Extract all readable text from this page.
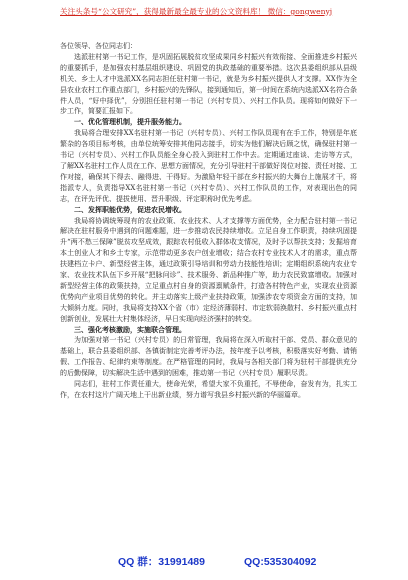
关注头条号“公文研究”，获得最新最全最专业的公文资料库！ 微信：gongwenyj

各位领导、各位同志们：

选派驻村第一书记工作，是巩固拓展脱贫攻坚成果同乡村振兴有效衔接、全面推进乡村振兴的重要抓手，是加强农村基层组织建设、巩固党的执政基础的重要举措。这次县委组织部从县级机关、乡土人才中选派XX名同志担任驻村第一书记，就是为乡村振兴提供人才支撑。XX作为全县农业农村工作重点部门，乡村振兴的先锋队，接到通知后，第一时间在系统内选派XX名符合条件人员，“好中择优”，分别担任驻村第一书记（兴村专员）、兴村工作队员。现将如何做好下一步工作，简要汇报如下。

一、优化管理机制，提升服务能力。

我局将合理安排XX名驻村第一书记（兴村专员）、兴村工作队员现有在手工作，特别是年底繁杂的各项目标考核，由单位统筹安排其他同志接手，切实为他们解决后顾之忧，确保驻村第一书记（兴村专员）、兴村工作队员能全身心投入到驻村工作中去。定期通过座谈、走访等方式，了解XX名驻村工作人员在工作、思想方面情况，充分引导驻村干部做好岗位对接、责任对接、工作对接，确保其下得去、融得进、干得好。为激励年轻干部在乡村振兴的大舞台上施展才干，将指派专人，负责指导XX名驻村第一书记（兴村专员）、兴村工作队员的工作，对表现出色的同志，在评先评优、提拔使用、晋升职级、评定职称时优先考虑。

二、发挥职能优势，促进农民增收。

我局将协调统筹现有的农业政策、农业技术、人才支撑等方面优势，全力配合驻村第一书记解决在驻村服务中遇到的问题难题，进一步推动农民持续增收。立足自身工作职责，持续巩固提升“两不愁三保障”脱贫攻坚成效，跟踪农村低收入群体收支情况，及时予以帮扶支持；发掘培育本土创业人才和乡土专家，示范带动更多农户创业增收；结合农村专业技术人才的需求，重点帮扶建档立卡户、新型经营主体，通过政策引导培训和劳动力技能性培训；定期组织系统内农业专家、农业技术队伍下乡开展“把脉问诊”、技术服务、新品种推广等，助力农民致富增收。加强对新型经营主体的政策扶持，立足重点村自身的资源禀赋条件，打造各村特色产业，实现农业资源优势向产业项目优势的转化。并主动落实上级产业扶持政策，加强涉农专项资金方面的支持，加大倾斜力度。同时，我局将支持XX个省（市）定经济薄弱村、市定软弱涣散村、乡村振兴重点村创新创业，发展壮大村集体经济，早日实现向经济强村的转变。

三、强化考核激励，实施联合管理。

为加强对第一书记（兴村专员）的日常管理，我局将在深入听取村干部、党员、群众意见的基础上，联合县委组织部、各镇街制定完善考评办法，按年度予以考核，积极落实好考勤、请销假、工作报告、纪律约束等制度。在严格管理的同时，我局与各相关部门将为驻村干部提供充分的后勤保障，切实解决生活中遇到的困难，推动第一书记（兴村专员）履职尽责。

同志们，驻村工作责任重大，使命光荣，希望大家不负重托，不辱使命，奋发有为，扎实工作，在农村这片广阔天地上干出新业绩，努力谱写我县乡村振兴新的华丽篇章。

QQ 群：31991489	QQ:535304092
